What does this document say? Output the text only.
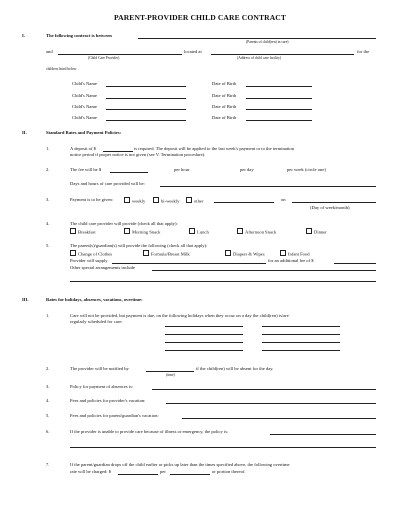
PARENT-PROVIDER CHILD CARE CONTRACT
I.	The following contract is between
(Parents of child(ren) in care)
and	located at	for the
(Child Care Provider)	(Address of child care facility)
children listed below:
Child's Name	Date of Birth
Child's Name	Date of Birth
Child's Name	Date of Birth
Child's Name	Date of Birth
II.	Standard Rates and Payment Policies:
1.	A deposit of $	is required. The deposit will be applied to the last week's payment or to the termination
notice period if proper notice is not given (see V. Termination procedure).
2.	The fee will be $	per hour	per day	per week (circle one)
Days and hours of care provided will be:
3.	Payment is to be given:	weekly	bi-weekly	other	on
(Day of week/month)
4.	The child care provider will provide (check all that apply):
Breakfast	Morning Snack	Lunch	Afternoon Snack	Dinner
5.	The parent(s)/guardian(s) will provide the following (check all that apply):
Change of Clothes	Formula/Breast Milk	Diapers & Wipes	Infant Food
Provider will supply	for an additional fee of $
Other special arrangements include
III.	Rates for holidays, absences, vacations, overtime:
1.	Care will not be provided, but payment is due, on the following holidays when they occur on a day the child(ren) is/are
regularly scheduled for care:
2.	The provider will be notified by	if the child(ren) will be absent for the day.
(time)
3.	Policy for payment of absences is:
4.	Fees and policies for provider's vacation:
5.	Fees and policies for parent/guardian's vacation:
6.	If the provider is unable to provide care because of illness or emergency, the policy is:
7.	If the parent/guardian drops off the child earlier or picks up later than the times specified above, the following overtime
rate will be charged: $	per	or portion thereof.
